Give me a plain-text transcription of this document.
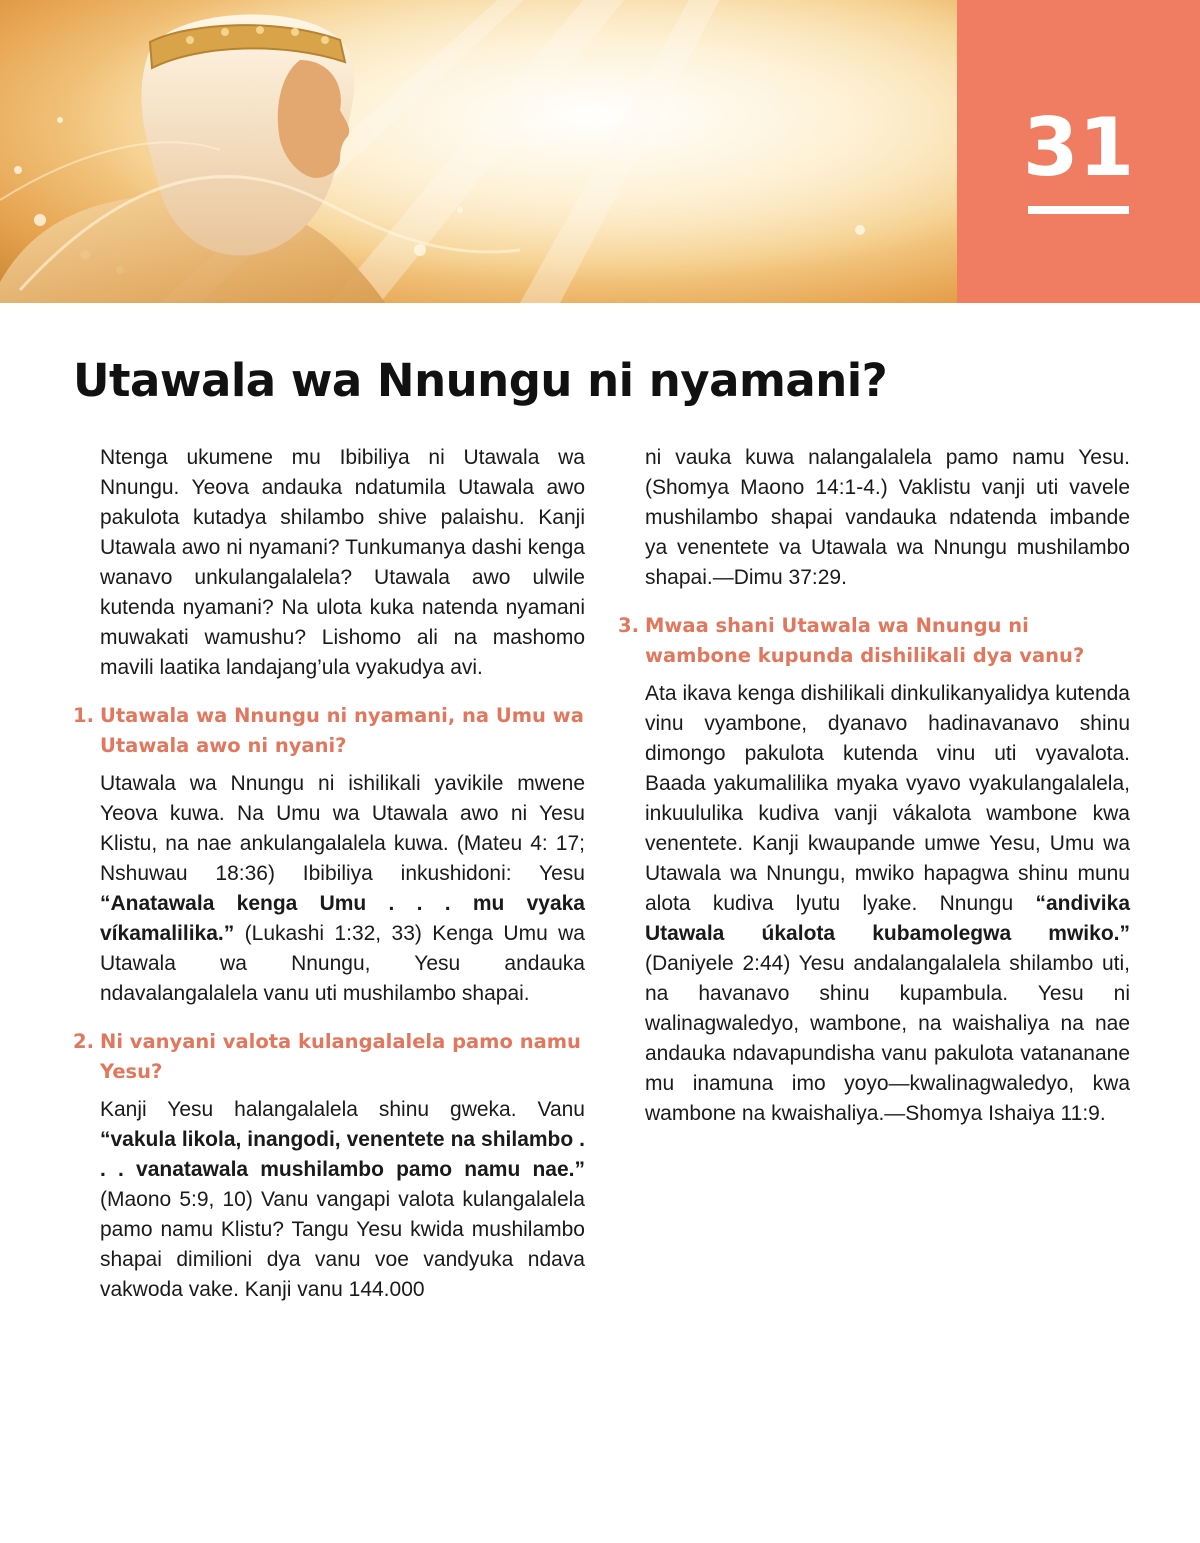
31
Utawala wa Nnungu ni nyamani?

Ntenga ukumene mu Ibibiliya ni Utawala wa Nnungu. Yeova andauka ndatumila Utawala awo pakulota kutadya shilambo shive palaishu. Kanji Utawala awo ni nyamani? Tunkumanya dashi kenga wanavo unkulangalalela? Utawala awo ulwile kutenda nyamani? Na ulota kuka natenda nyamani muwakati wamushu? Lishomo ali na mashomo mavili laatika landajang’ula vyakudya avi.

1. Utawala wa Nnungu ni nyamani, na Umu wa Utawala awo ni nyani?

Utawala wa Nnungu ni ishilikali yavikile mwene Yeova kuwa. Na Umu wa Utawala awo ni Yesu Klistu, na nae ankulangalalela kuwa. (Mateu 4: 17; Nshuwau 18:36) Ibibiliya inkushidoni: Yesu “Anatawala kenga Umu . . . mu vyaka víkamalilika.” (Lukashi 1:32, 33) Kenga Umu wa Utawala wa Nnungu, Yesu andauka ndavalangalalela vanu uti mushilambo shapai.

2. Ni vanyani valota kulangalalela pamo namu Yesu?

Kanji Yesu halangalalela shinu gweka. Vanu “vakula likola, inangodi, venentete na shilambo . . . vanatawala mushilambo pamo namu nae.” (Maono 5:9, 10) Vanu vangapi valota kulangalalela pamo namu Klistu? Tangu Yesu kwida mushilambo shapai dimilioni dya vanu voe vandyuka ndava vakwoda vake. Kanji vanu 144.000

ni vauka kuwa nalangalalela pamo namu Yesu. (Shomya Maono 14:1-4.) Vaklistu vanji uti vavele mushilambo shapai vandauka ndatenda imbande ya venentete va Utawala wa Nnungu mushilambo shapai.—Dimu 37:29.

3. Mwaa shani Utawala wa Nnungu ni wambone kupunda dishilikali dya vanu?

Ata ikava kenga dishilikali dinkulikanyalidya kutenda vinu vyambone, dyanavo hadinavanavo shinu dimongo pakulota kutenda vinu uti vyavalota. Baada yakumalilika myaka vyavo vyakulangalalela, inkuululika kudiva vanji vákalota wambone kwa venentete. Kanji kwaupande umwe Yesu, Umu wa Utawala wa Nnungu, mwiko hapagwa shinu munu alota kudiva lyutu lyake. Nnungu “andivika Utawala úkalota kubamolegwa mwiko.” (Daniyele 2:44) Yesu andalangalalela shilambo uti, na havanavo shinu kupambula. Yesu ni walinagwaledyo, wambone, na waishaliya na nae andauka ndavapundisha vanu pakulota vatananane mu inamuna imo yoyo—kwalinagwaledyo, kwa wambone na kwaishaliya.—Shomya Ishaiya 11:9.
